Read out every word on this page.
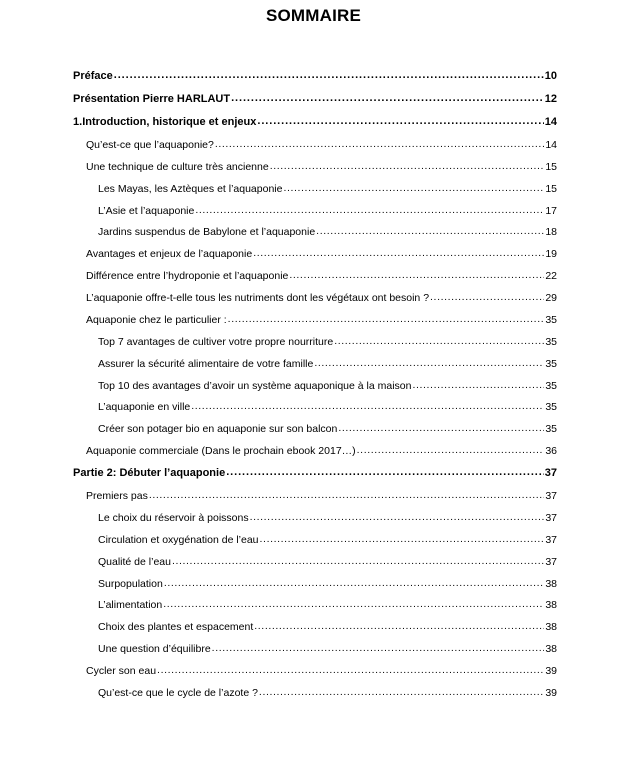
SOMMAIRE
Préface .....	10
Présentation Pierre HARLAUT .....	12
1. Introduction, historique et enjeux .....	14
Qu’est-ce que l’aquaponie? .....	14
Une technique de culture très ancienne .....	15
Les Mayas, les Aztèques et l’aquaponie .....	15
L’Asie et l’aquaponie .....	17
Jardins suspendus de Babylone et l’aquaponie .....	18
Avantages et enjeux de l’aquaponie .....	19
Différence entre l’hydroponie et l’aquaponie .....	22
L’aquaponie offre-t-elle tous les nutriments dont les végétaux ont besoin ? .....	29
Aquaponie chez le particulier : .....	35
Top 7 avantages de cultiver votre propre nourriture .....	35
Assurer la sécurité alimentaire de votre famille .....	35
Top 10 des avantages d’avoir un système aquaponique à la maison .....	35
L’aquaponie en ville .....	35
Créer son potager bio en aquaponie sur son balcon .....	35
Aquaponie commerciale (Dans le prochain ebook 2017…) .....	36
Partie 2: Débuter l’aquaponie .....	37
Premiers pas .....	37
Le choix du réservoir à poissons .....	37
Circulation et oxygénation de l’eau .....	37
Qualité de l’eau .....	37
Surpopulation .....	38
L’alimentation .....	38
Choix des plantes et espacement .....	38
Une question d’équilibre .....	38
Cycler son eau .....	39
Qu’est-ce que le cycle de l’azote ? .....	39
